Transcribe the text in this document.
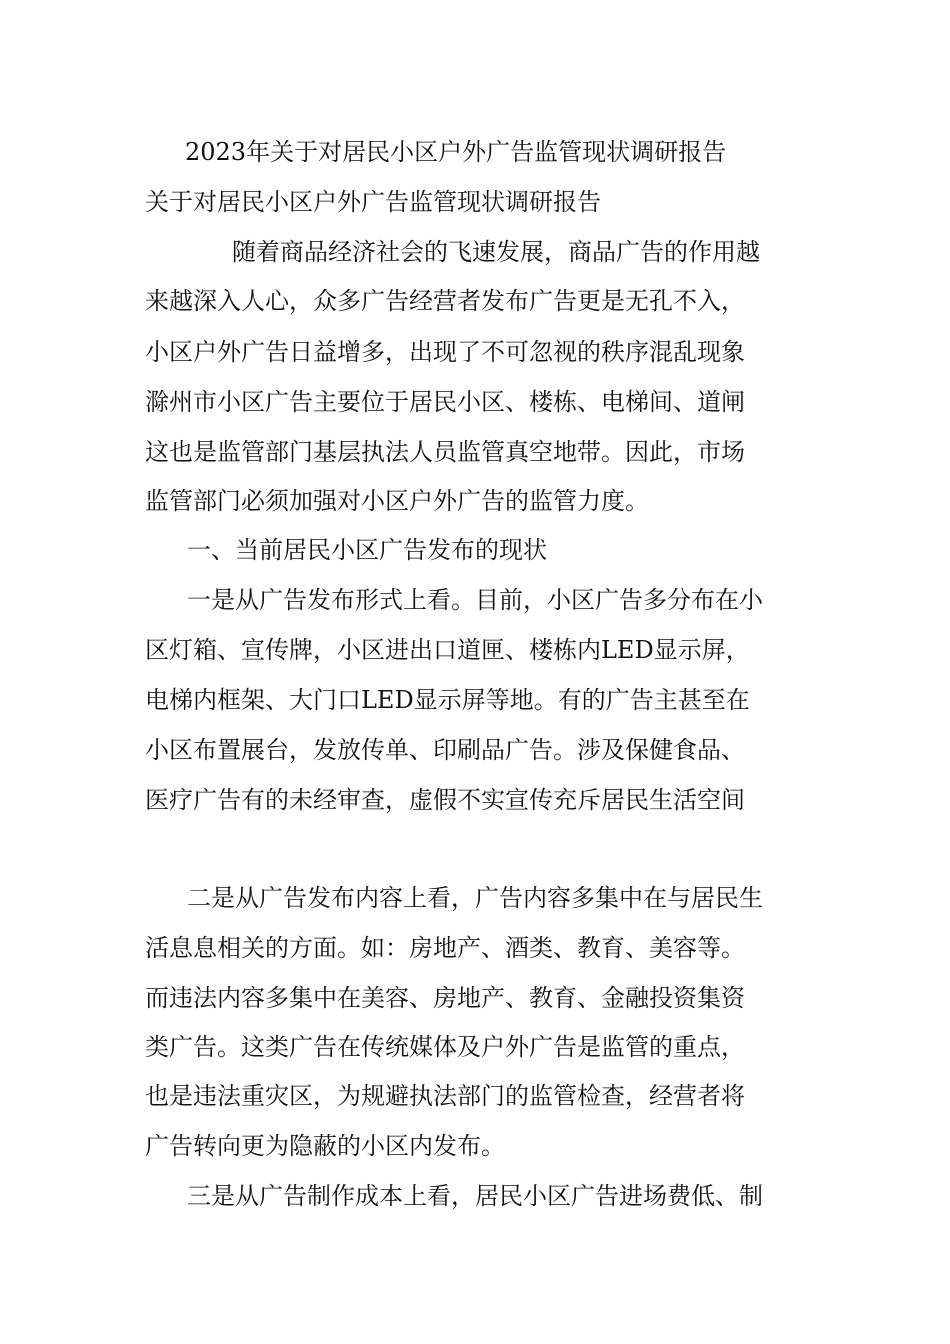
2023年关于对居民小区户外广告监管现状调研报告
关于对居民小区户外广告监管现状调研报告
随着商品经济社会的飞速发展，商品广告的作用越
来越深入人心，众多广告经营者发布广告更是无孔不入，
小区户外广告日益增多，出现了不可忽视的秩序混乱现象
滁州市小区广告主要位于居民小区、楼栋、电梯间、道闸
这也是监管部门基层执法人员监管真空地带。因此，市场
监管部门必须加强对小区户外广告的监管力度。
一、当前居民小区广告发布的现状
一是从广告发布形式上看。目前，小区广告多分布在小
区灯箱、宣传牌，小区进出口道匣、楼栋内LED显示屏，
电梯内框架、大门口LED显示屏等地。有的广告主甚至在
小区布置展台，发放传单、印刷品广告。涉及保健食品、
医疗广告有的未经审查，虚假不实宣传充斥居民生活空间
二是从广告发布内容上看，广告内容多集中在与居民生
活息息相关的方面。如：房地产、酒类、教育、美容等。
而违法内容多集中在美容、房地产、教育、金融投资集资
类广告。这类广告在传统媒体及户外广告是监管的重点，
也是违法重灾区，为规避执法部门的监管检查，经营者将
广告转向更为隐蔽的小区内发布。
三是从广告制作成本上看，居民小区广告进场费低、制
